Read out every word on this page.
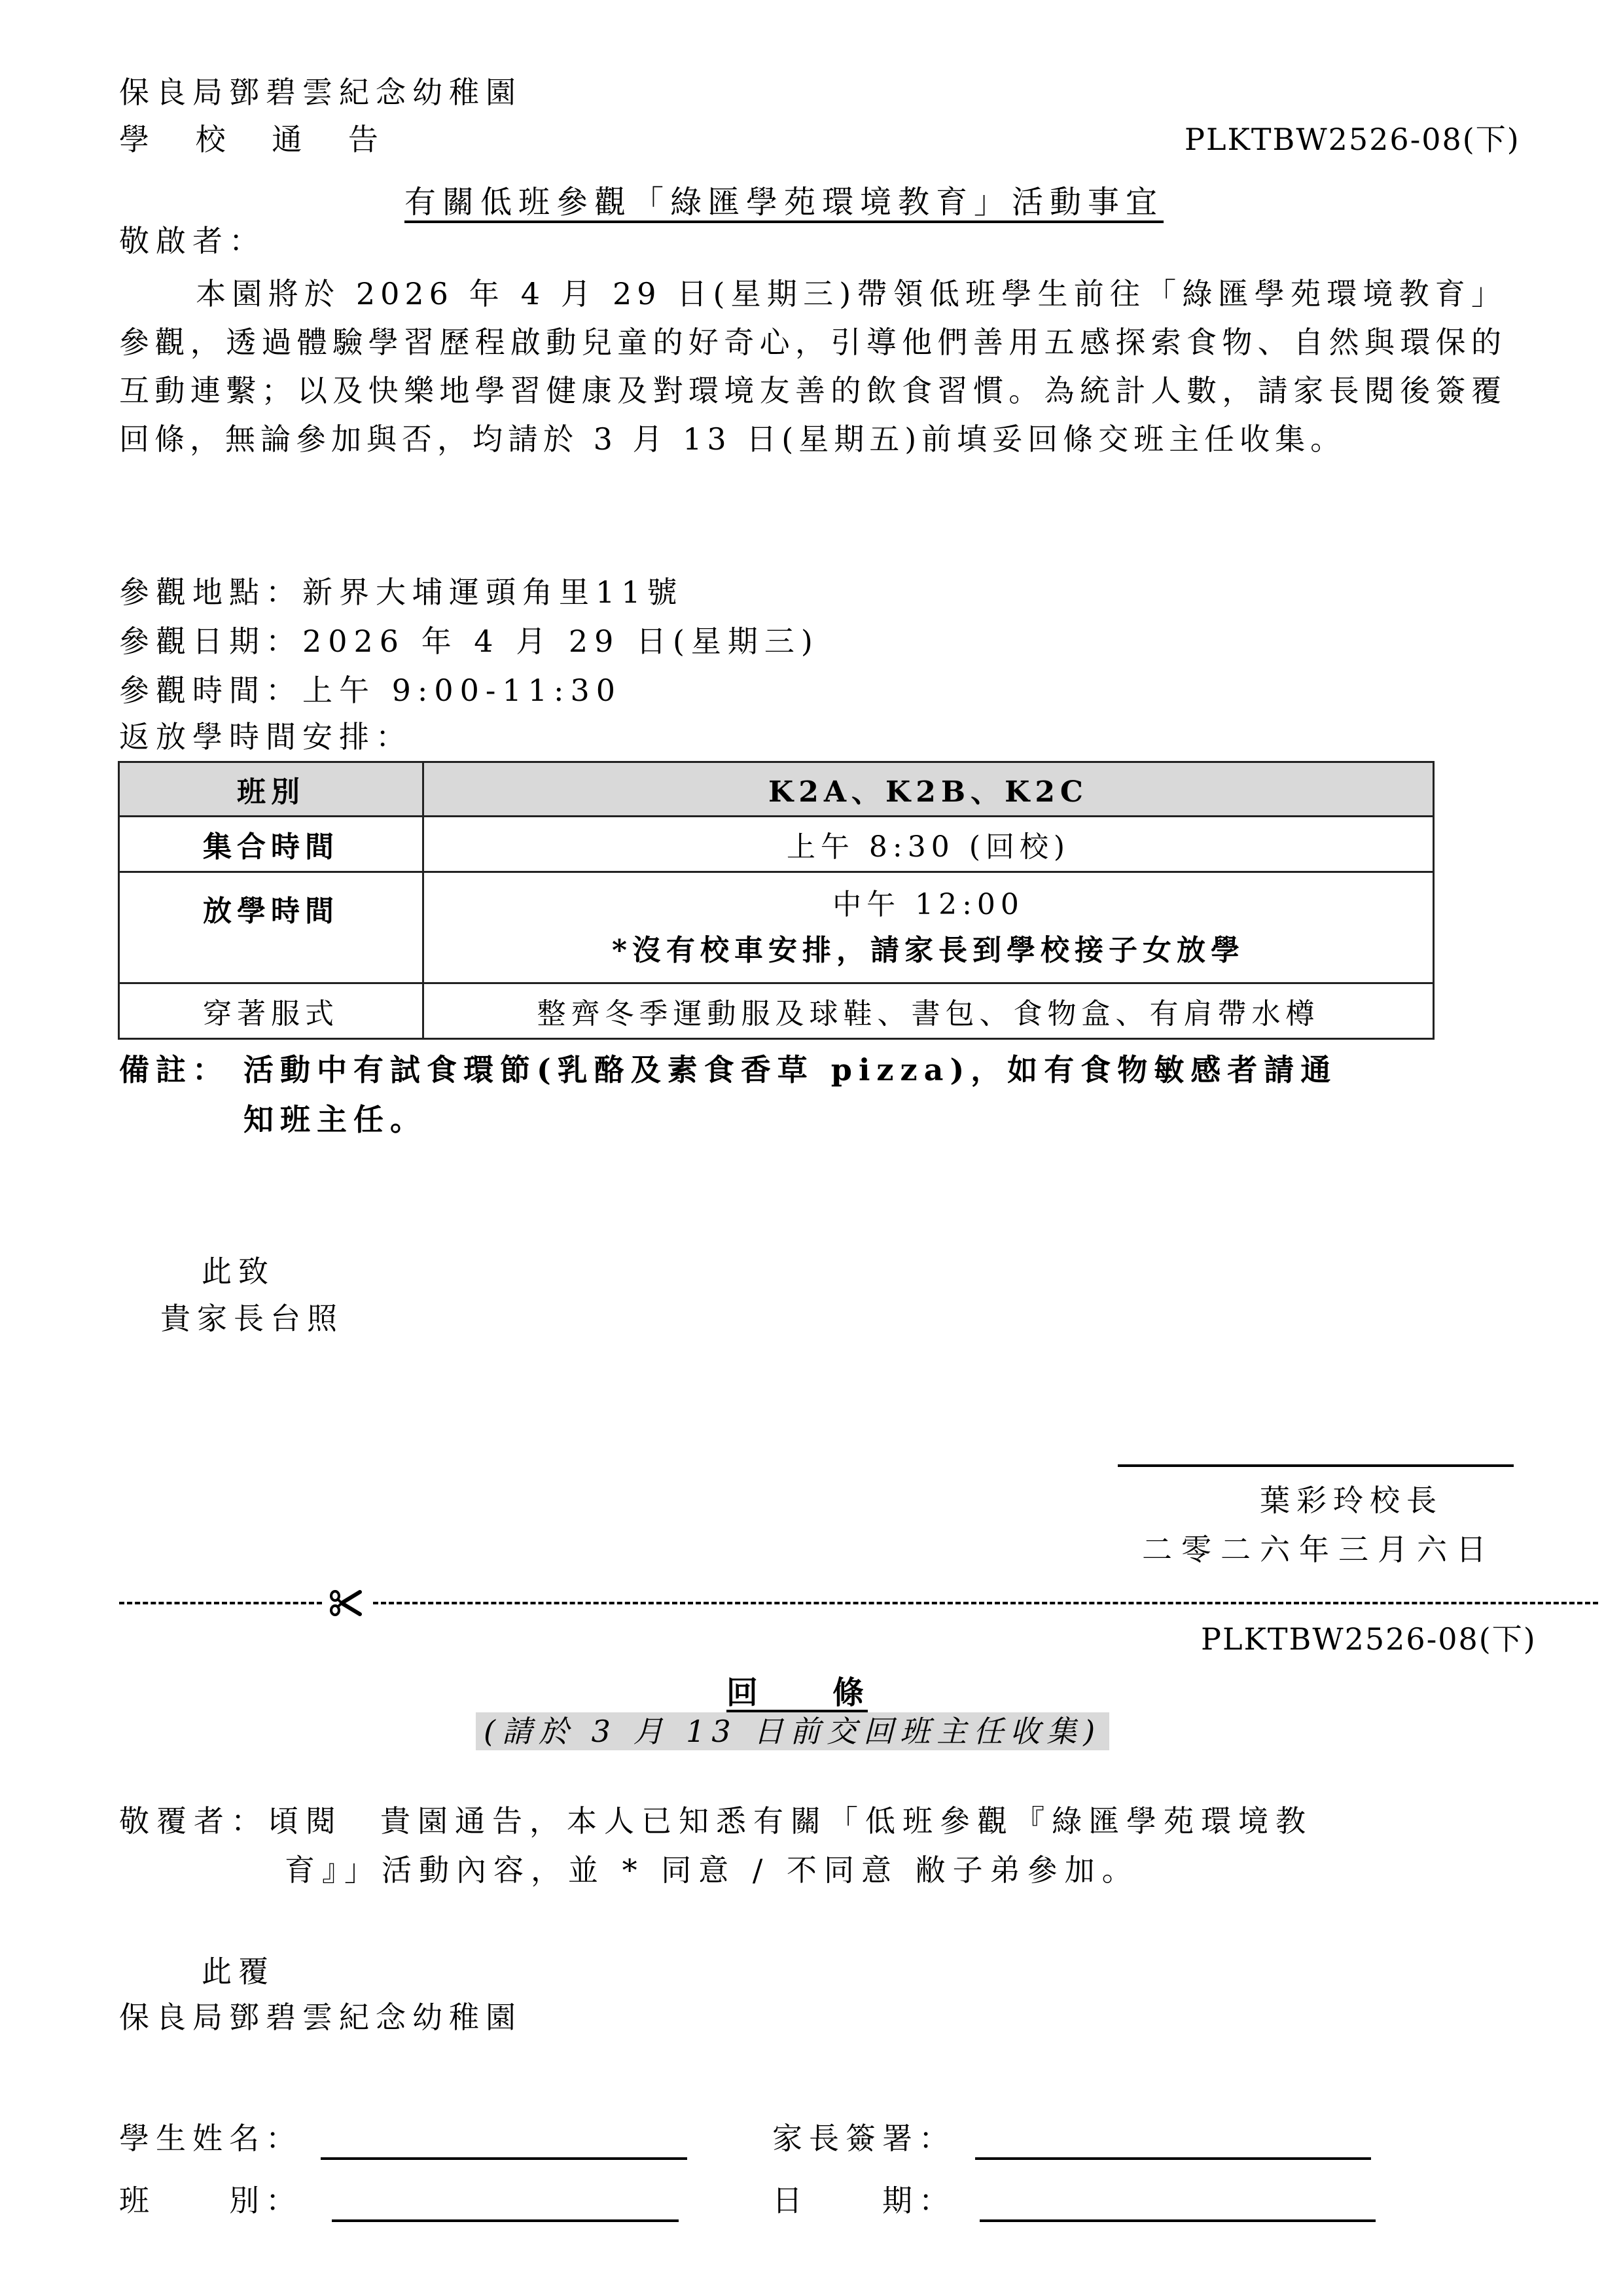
保良局鄧碧雲紀念幼稚園
學 校 通 告	PLKTBW2526-08(下)
有關低班參觀「綠匯學苑環境教育」活動事宜
敬啟者：
本園將於 2026 年 4 月 29 日(星期三)帶領低班學生前往「綠匯學苑環境教育」參觀，透過體驗學習歷程啟動兒童的好奇心，引導他們善用五感探索食物、自然與環保的互動連繫；以及快樂地學習健康及對環境友善的飲食習慣。為統計人數，請家長閱後簽覆回條，無論參加與否，均請於 3 月 13 日(星期五)前填妥回條交班主任收集。
參觀地點：新界大埔運頭角里11號
參觀日期：2026 年 4 月 29 日(星期三)
參觀時間：上午 9:00-11:30
返放學時間安排：
班別	K2A、K2B、K2C
集合時間	上午 8:30 (回校)
放學時間	中午 12:00
*沒有校車安排，請家長到學校接子女放學

穿著服式	整齊冬季運動服及球鞋、書包、食物盒、有肩帶水樽
備註： 活動中有試食環節(乳酪及素食香草 pizza)，如有食物敏感者請通
知班主任。
此致
貴家長台照
葉彩玲校長
二零二六年三月六日
PLKTBW2526-08(下)
回　　條
(請於 3 月 13 日前交回班主任收集)
敬覆者：頃閱　貴園通告，本人已知悉有關「低班參觀『綠匯學苑環境教
育』」活動內容，並 * 同意 / 不同意 敝子弟參加。
此覆
保良局鄧碧雲紀念幼稚園
學生姓名：	家長簽署：
班　　別：	日　　期：
